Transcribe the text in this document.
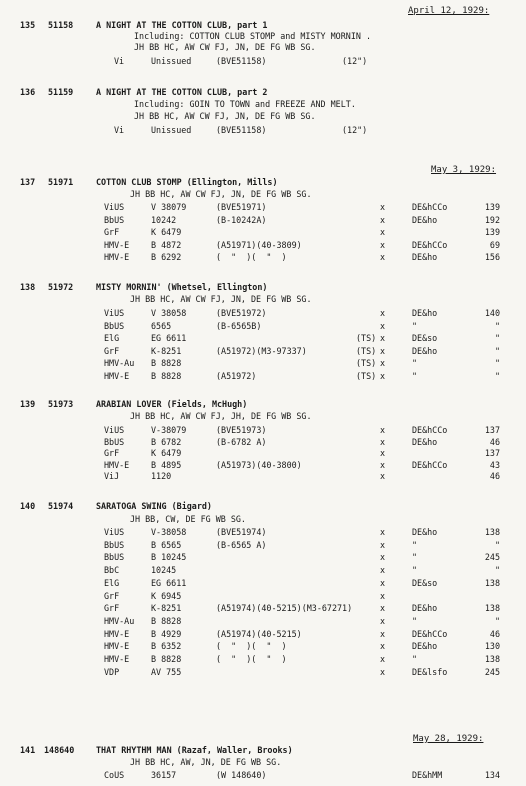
April 12, 1929:
May 3, 1929:
May 28, 1929:
135 51158	A NIGHT AT THE COTTON CLUB, part 1
Including: COTTON CLUB STOMP and MISTY MORNIN .
JH BB HC, AW CW FJ, JN, DE FG WB SG.
Vi	Unissued	(BVE51158)	(12")
136 51159	A NIGHT AT THE COTTON CLUB, part 2
Including: GOIN TO TOWN and FREEZE AND MELT.
JH BB HC, AW CW FJ, JN, DE FG WB SG.
Vi	Unissued	(BVE51158)	(12")
137 51971	COTTON CLUB STOMP (Ellington, Mills)
JH BB HC, AW CW FJ, JN, DE FG WB SG.
ViUS	V 38079	(BVE51971)	x	DE&hCCo	139
BbUS	10242	(B-10242A)	x	DE&ho	192
GrF	K 6479	x	139
HMV-E	B 4872	(A51971)(40-3809)	x	DE&hCCo	69
HMV-E	B 6292	(  "  )(  "  )	x	DE&ho	156
138 51972	MISTY MORNIN' (Whetsel, Ellington)
JH BB HC, AW CW FJ, JN, DE FG WB SG.
ViUS	V 38058	(BVE51972)	x	DE&ho	140
BbUS	6565	(B-6565B)	x	"	"
ElG	EG 6611	(TS) x	DE&so	"
GrF	K-8251	(A51972)(M3-97337)	(TS) x	DE&ho	"
HMV-Au B 8828	(TS) x	"	"
HMV-E	B 8828	(A51972)	(TS) x	"	"
139 51973	ARABIAN LOVER (Fields, McHugh)
JH BB HC, AW CW FJ, JH, DE FG WB SG.
ViUS	V-38079	(BVE51973)	x	DE&hCCo	137
BbUS	B 6782	(B-6782 A)	x	DE&ho	46
GrF	K 6479	x	137
HMV-E	B 4895	(A51973)(40-3800)	x	DE&hCCo	43
ViJ	1120	x	46
140 51974	SARATOGA SWING (Bigard)
JH BB, CW, DE FG WB SG.
ViUS	V-38058	(BVE51974)	x	DE&ho	138
BbUS	B 6565	(B-6565 A)	x	"	"
BbUS	B 10245	x	"	245
BbC	10245	x	"	"
ElG	EG 6611	x	DE&so	138
GrF	K 6945	x
GrF	K-8251	(A51974)(40-5215)(M3-67271)	x	DE&ho	138
HMV-Au B 8828	x	"	"
HMV-E	B 4929	(A51974)(40-5215)	x	DE&hCCo	46
HMV-E	B 6352	(  "  )(  "  )	x	DE&ho	130
HMV-E	B 8828	(  "  )(  "  )	x	"	138
VDP	AV 755	x	DE&lsfo	245
141 148640	THAT RHYTHM MAN (Razaf, Waller, Brooks)
JH BB HC, AW, JN, DE FG WB SG.
CoUS	36157	(W 148640)	DE&hMM	134
